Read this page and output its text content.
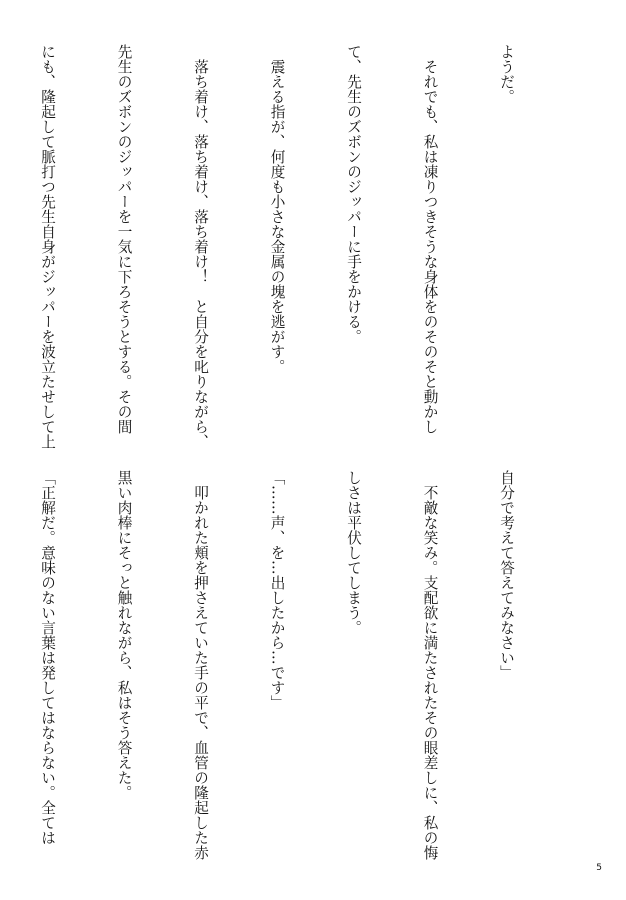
ようだ。

　それでも、私は凍りつきそうな身体をのそのそと動かし

て、先生のズボンのジッパーに手をかける。

　震える指が、何度も小さな金属の塊を逃がす。

　落ち着け、落ち着け、落ち着け！　と自分を叱りながら、

先生のズボンのジッパーを一気に下ろそうとする。その間

にも、隆起して脈打つ先生自身がジッパーを波立たせして上

自分で考えて答えてみなさい」

　不敵な笑み。支配欲に満たされたその眼差しに、私の悔

しさは平伏してしまう。

「……声、を…出したから…です」

　叩かれた頬を押さえていた手の平で、血管の隆起した赤

黒い肉棒にそっと触れながら、私はそう答えた。

「正解だ。意味のない言葉は発してはならない。全ては

5
